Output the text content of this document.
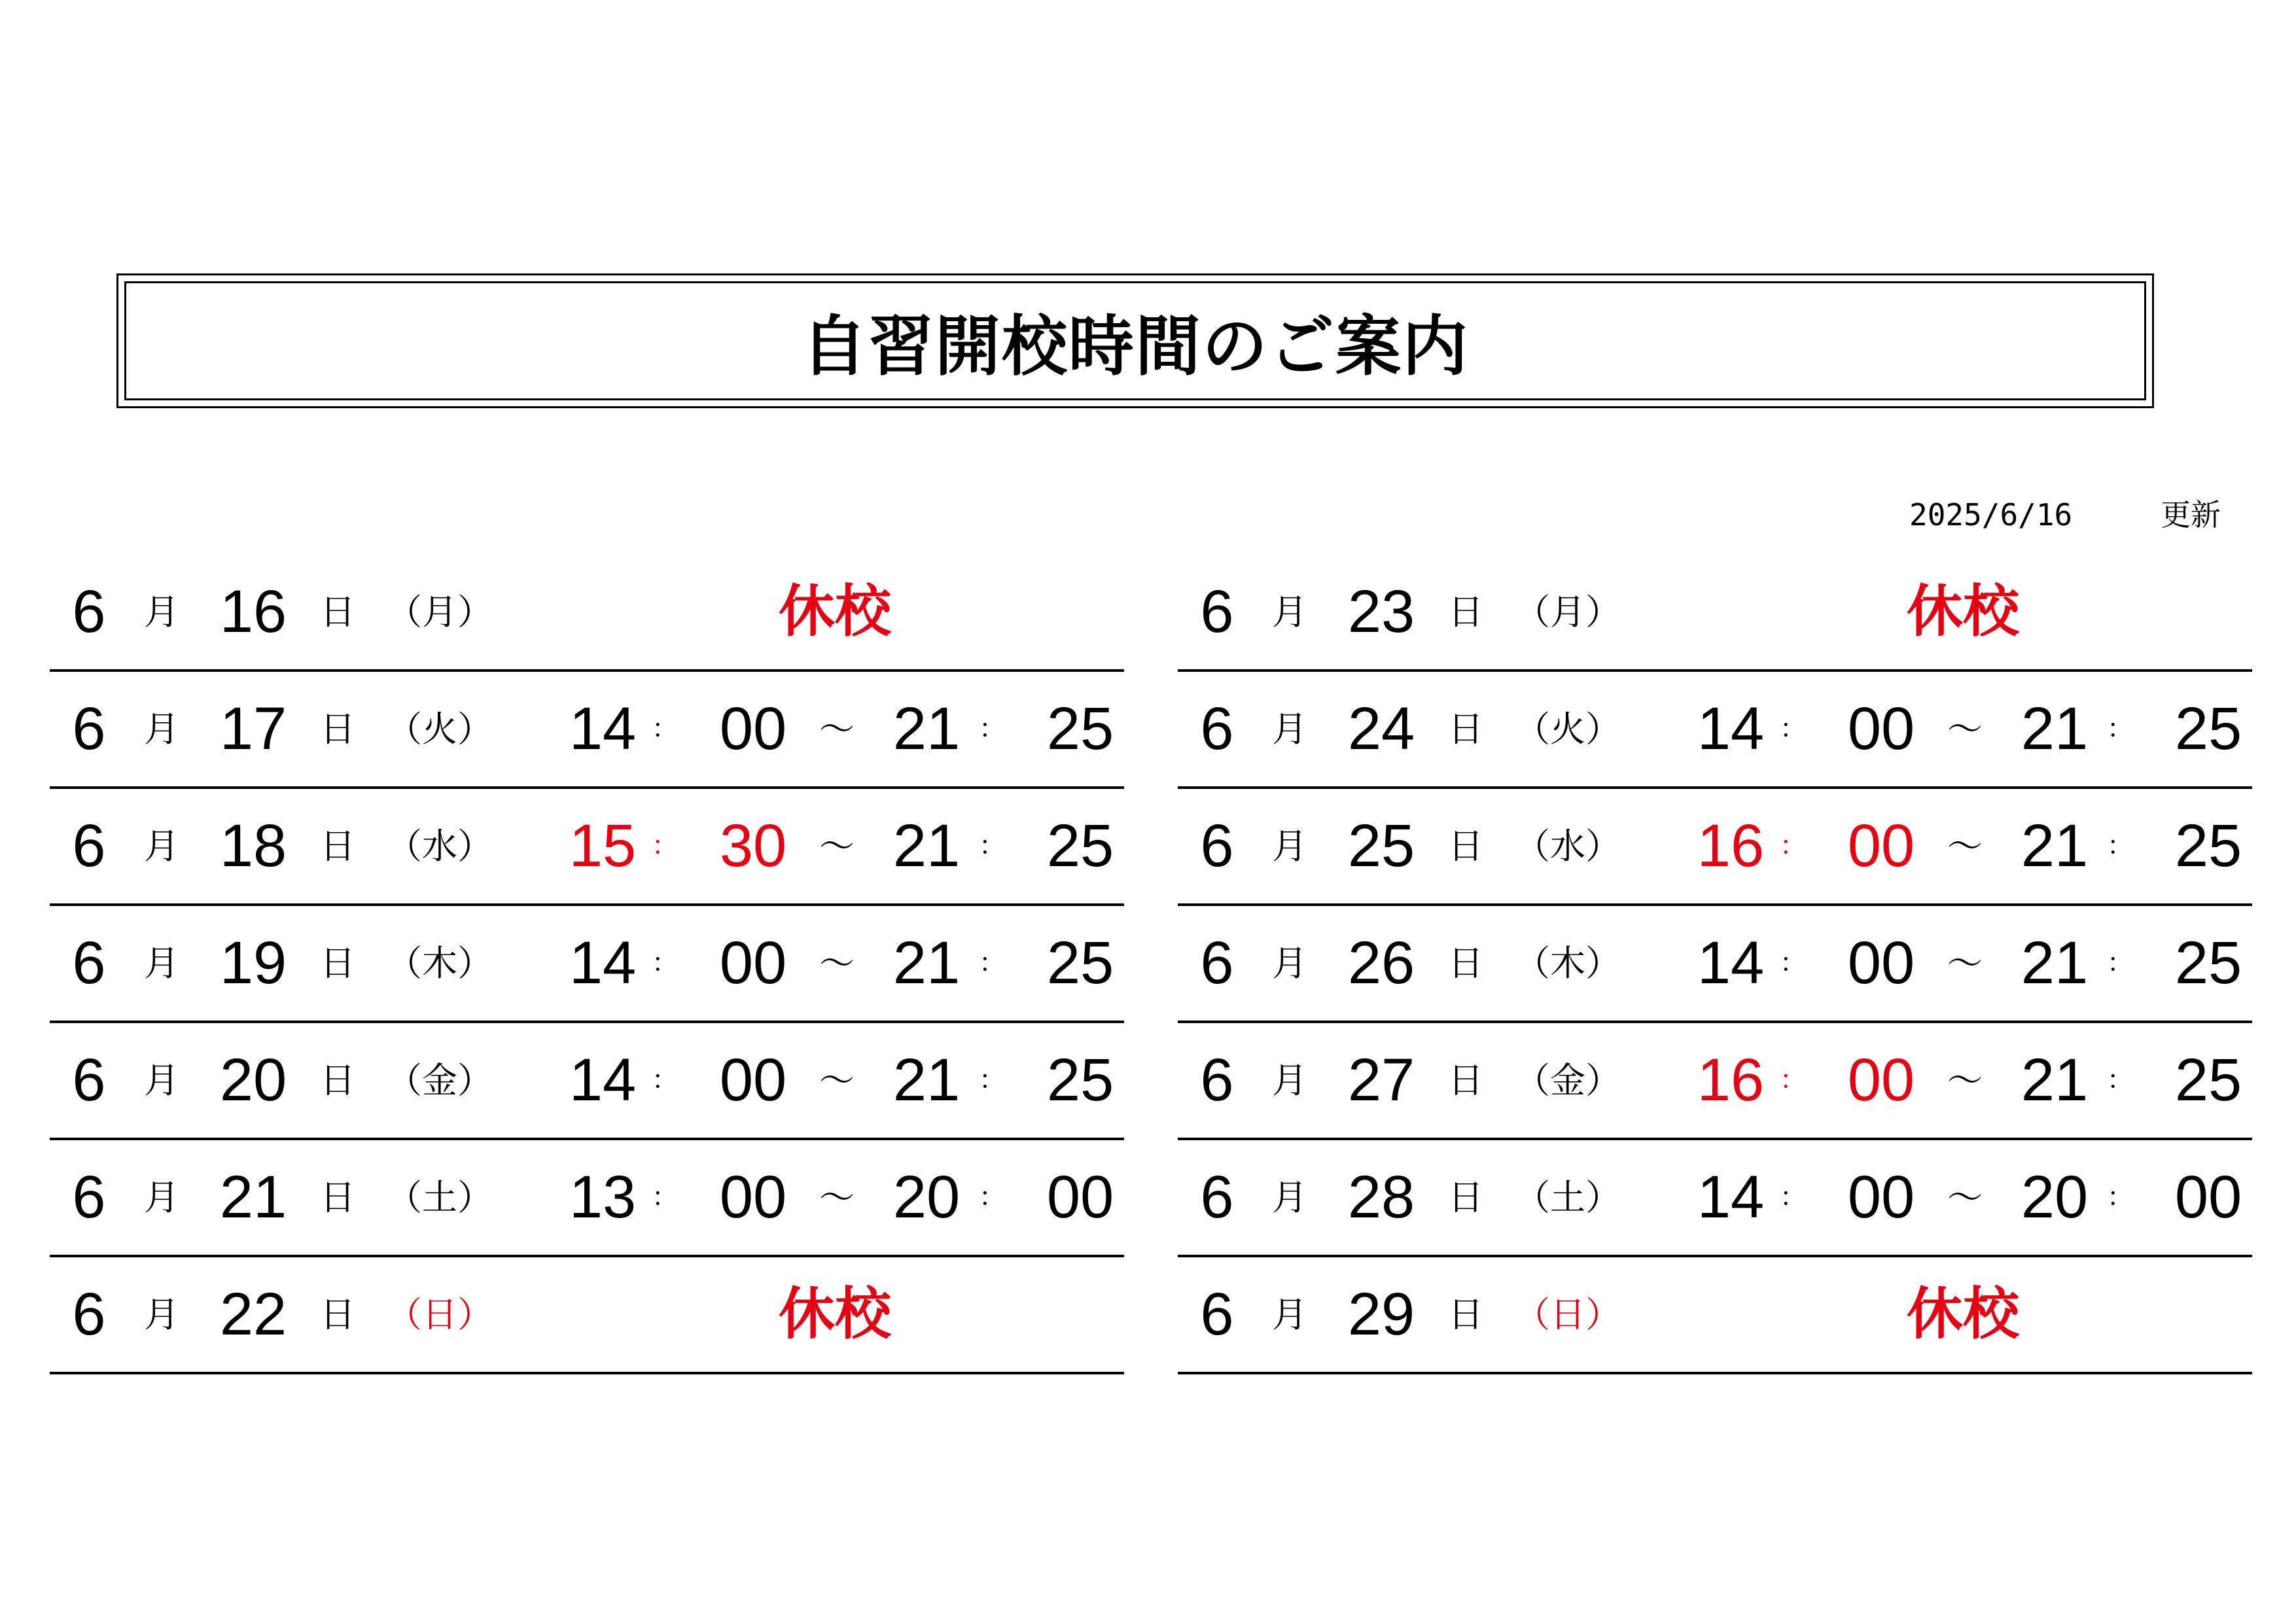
自習開校時間のご案内
2025/6/16	更新
6 月 16 日 （月）	休校
6 月 17 日 （火） 14 ： 00 ～ 21 ： 25
6 月 18 日 （水） 15 ： 30 ～ 21 ： 25
6 月 19 日 （木） 14 ： 00 ～ 21 ： 25
6 月 20 日 （金） 14 ： 00 ～ 21 ： 25
6 月 21 日 （土） 13 ： 00 ～ 20 ： 00
6 月 22 日 （日）	休校
6 月 23 日 （月）	休校
6 月 24 日 （火） 14 ： 00 ～ 21 ： 25
6 月 25 日 （水） 16 ： 00 ～ 21 ： 25
6 月 26 日 （木） 14 ： 00 ～ 21 ： 25
6 月 27 日 （金） 16 ： 00 ～ 21 ： 25
6 月 28 日 （土） 14 ： 00 ～ 20 ： 00
6 月 29 日 （日）	休校
